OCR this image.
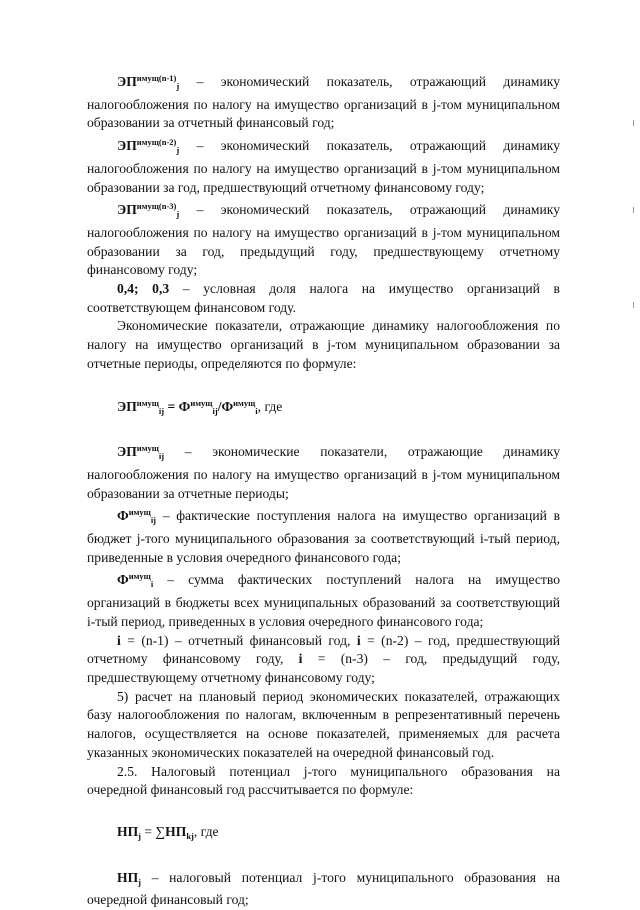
$ЭП^{имущ(n-1)}_j$ – экономический показатель, отражающий динамику налогообложения по налогу на имущество организаций в j-том муниципальном образовании за отчетный финансовый год;

$ЭП^{имущ(n-2)}_j$ – экономический показатель, отражающий динамику налогообложения по налогу на имущество организаций в j-том муниципальном образовании за год, предшествующий отчетному финансовому году;

$ЭП^{имущ(n-3)}_j$ – экономический показатель, отражающий динамику налогообложения по налогу на имущество организаций в j-том муниципальном образовании за год, предыдущий году, предшествующему отчетному финансовому году;

0,4; 0,3 – условная доля налога на имущество организаций в соответствующем финансовом году.

Экономические показатели, отражающие динамику налогообложения по налогу на имущество организаций в j-том муниципальном образовании за отчетные периоды, определяются по формуле:

$ЭП^{имущ}_{ij} = Ф^{имущ}_{ij}/Ф^{имущ}_i$, где

$ЭП^{имущ}_{ij}$ – экономические показатели, отражающие динамику налогообложения по налогу на имущество организаций в j-том муниципальном образовании за отчетные периоды;

$Ф^{имущ}_{ij}$ – фактические поступления налога на имущество организаций в бюджет j-того муниципального образования за соответствующий i-тый период, приведенные в условия очередного финансового года;

$Ф^{имущ}_i$ – сумма фактических поступлений налога на имущество организаций в бюджеты всех муниципальных образований за соответствующий i-тый период, приведенных в условия очередного финансового года;

i = (n-1) – отчетный финансовый год, i = (n-2) – год, предшествующий отчетному финансовому году, i = (n-3) – год, предыдущий году, предшествующему отчетному финансовому году;

5) расчет на плановый период экономических показателей, отражающих базу налогообложения по налогам, включенным в репрезентативный перечень налогов, осуществляется на основе показателей, применяемых для расчета указанных экономических показателей на очередной финансовый год.

2.5. Налоговый потенциал j-того муниципального образования на очередной финансовый год рассчитывается по формуле:

$НП_j = \sum НП_{kj}$, где

$НП_j$ – налоговый потенциал j-того муниципального образования на очередной финансовый год;
